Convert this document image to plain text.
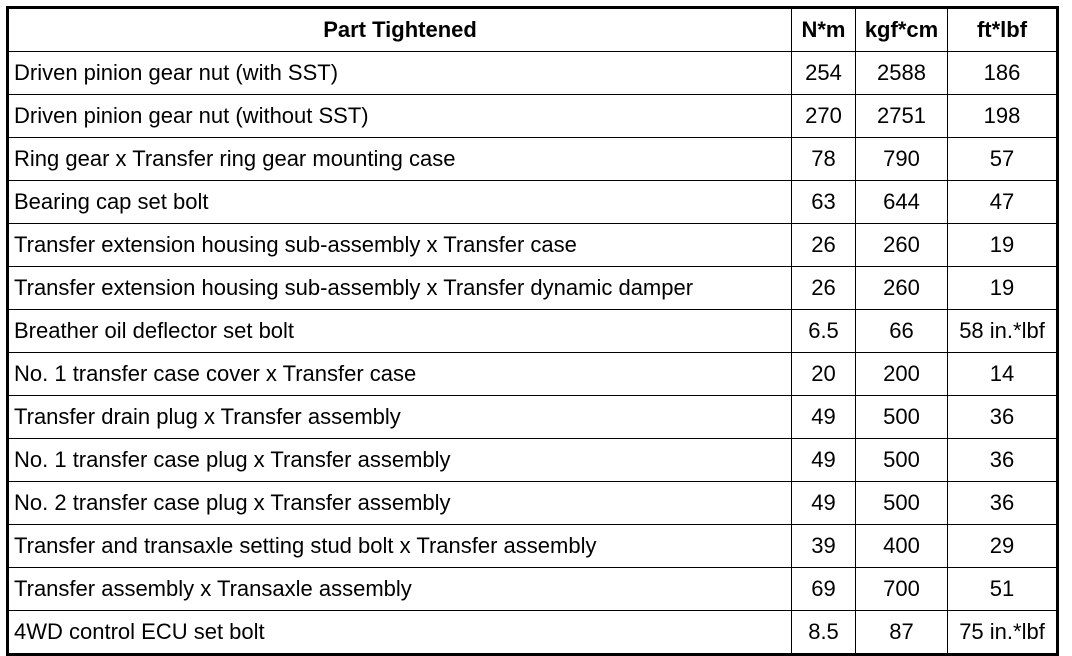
Part Tightened	N*m	kgf*cm	ft*lbf
Driven pinion gear nut (with SST)	254	2588	186
Driven pinion gear nut (without SST)	270	2751	198
Ring gear x Transfer ring gear mounting case	78	790	57
Bearing cap set bolt	63	644	47
Transfer extension housing sub-assembly x Transfer case	26	260	19
Transfer extension housing sub-assembly x Transfer dynamic damper	26	260	19
Breather oil deflector set bolt	6.5	66	58 in.*lbf
No. 1 transfer case cover x Transfer case	20	200	14
Transfer drain plug x Transfer assembly	49	500	36
No. 1 transfer case plug x Transfer assembly	49	500	36
No. 2 transfer case plug x Transfer assembly	49	500	36
Transfer and transaxle setting stud bolt x Transfer assembly	39	400	29
Transfer assembly x Transaxle assembly	69	700	51
4WD control ECU set bolt	8.5	87	75 in.*lbf
